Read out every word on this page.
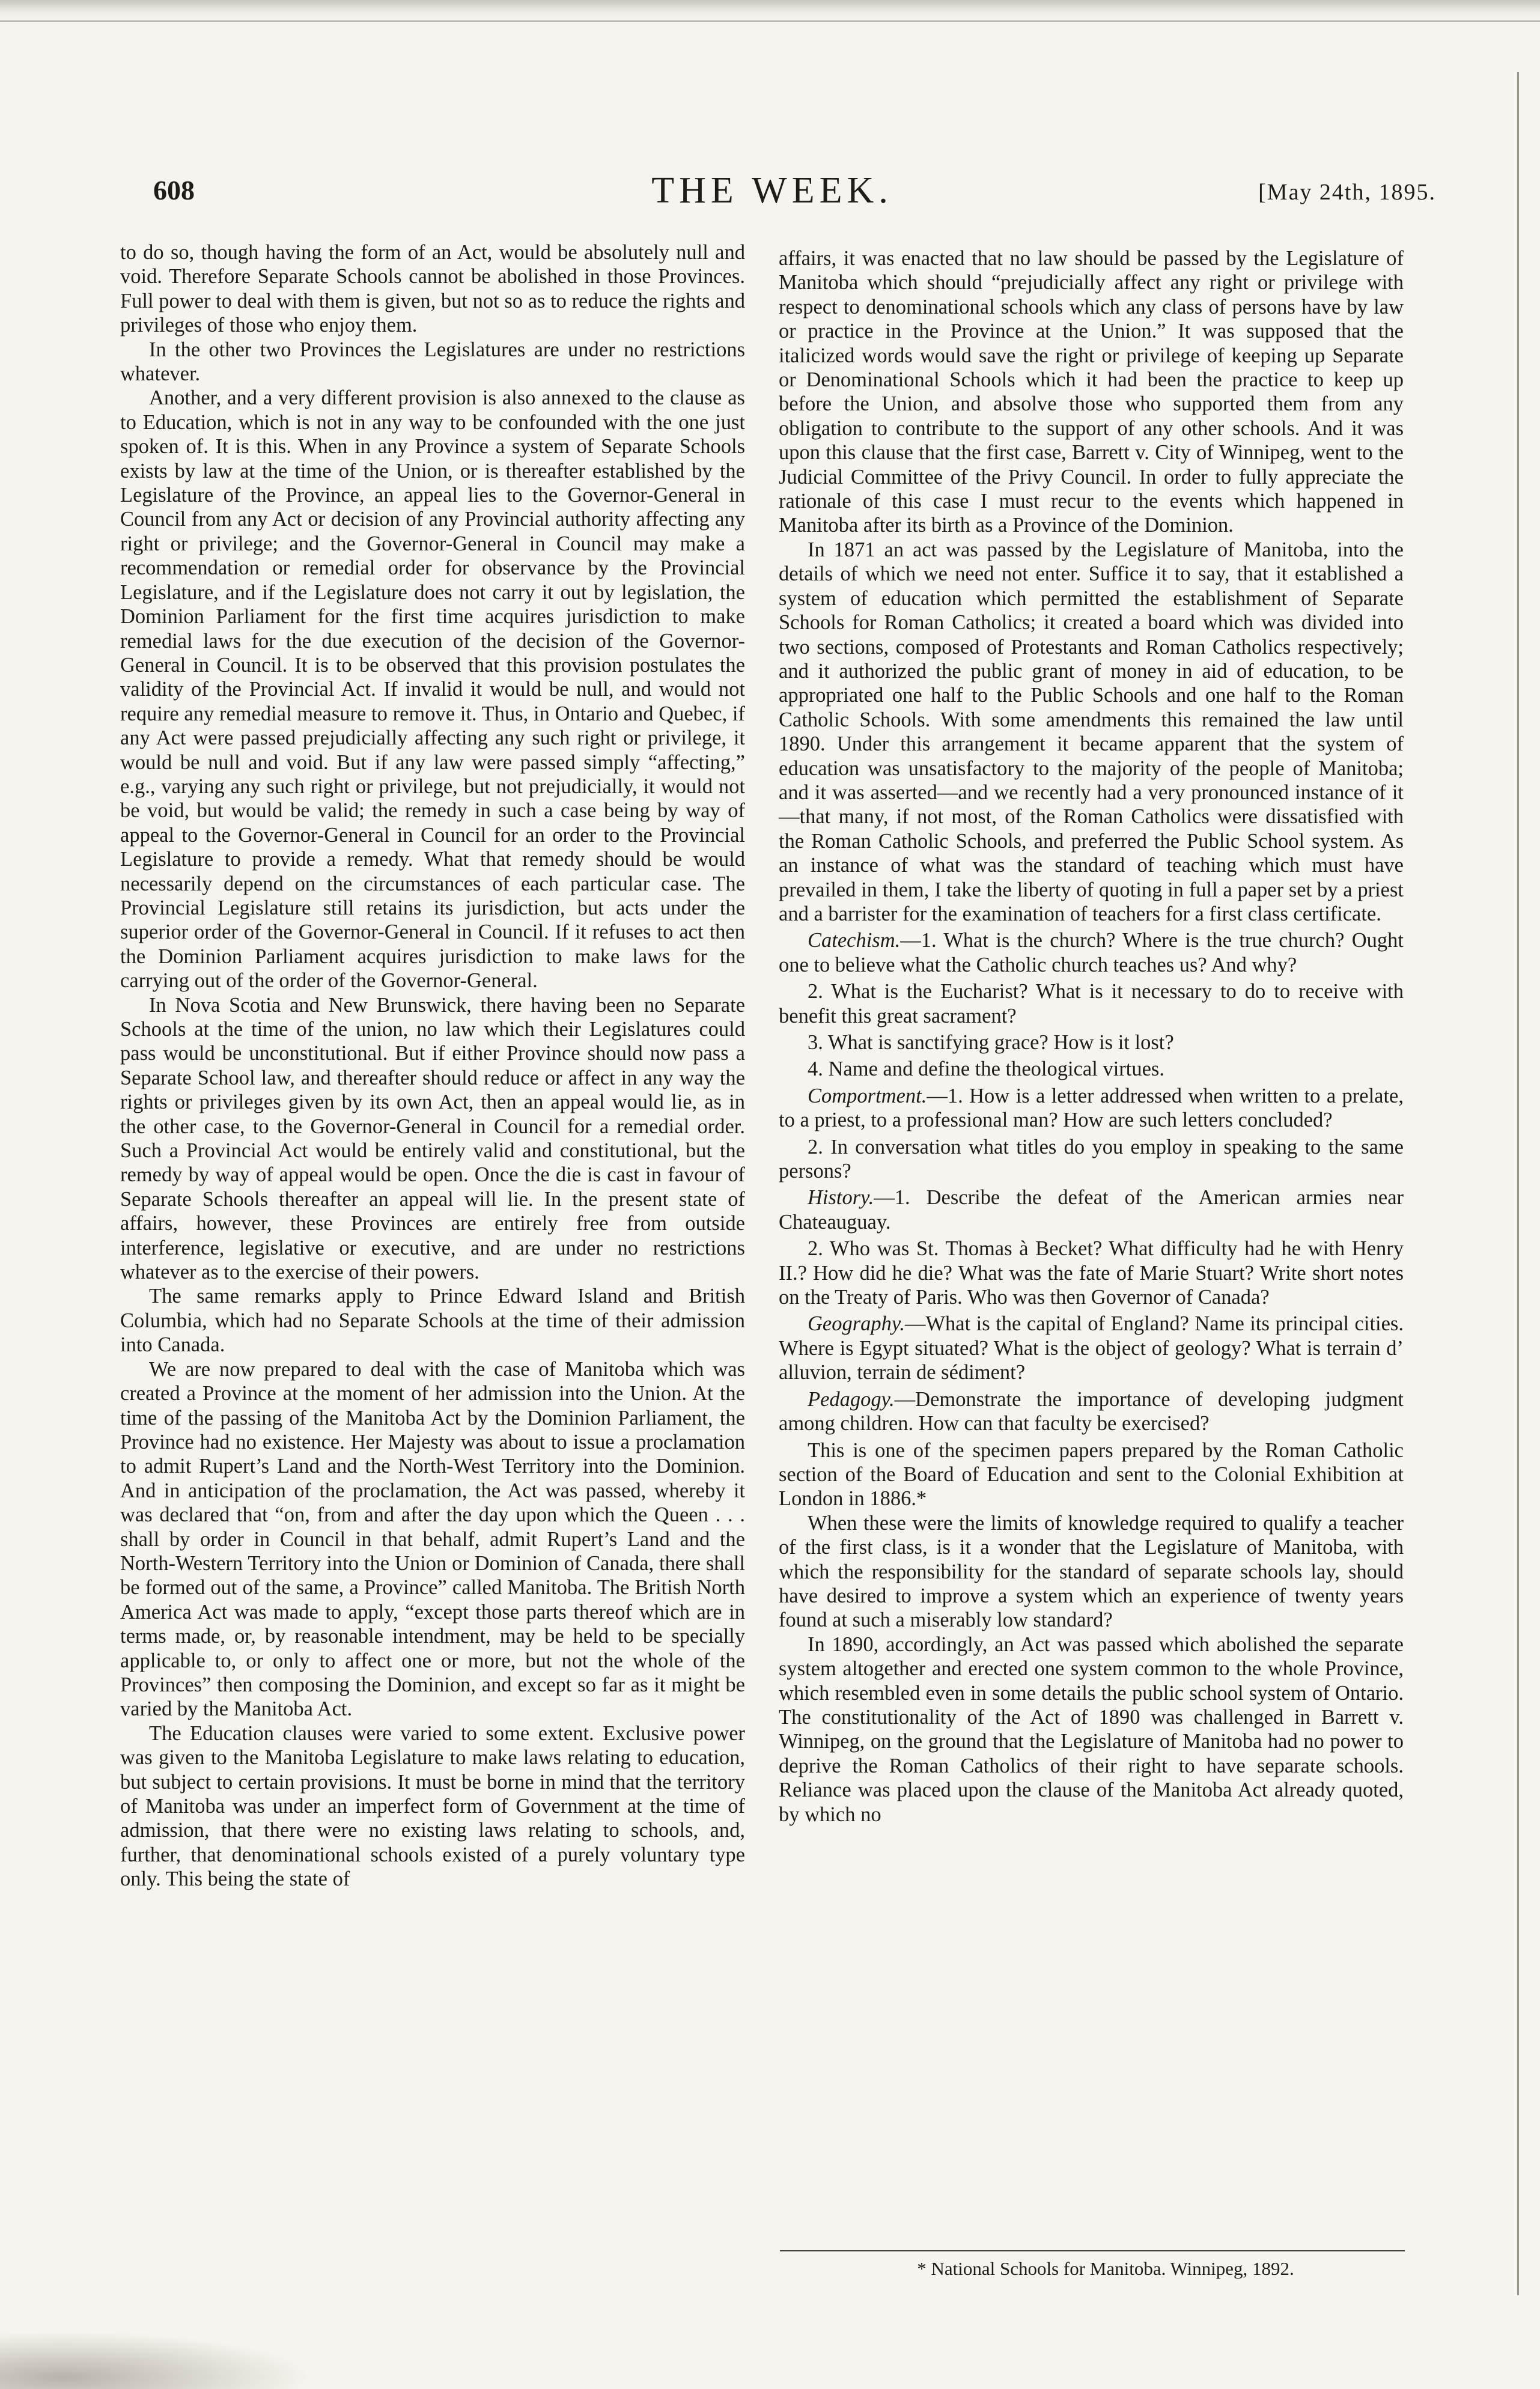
608	THE WEEK.	[May 24th, 1895.

to do so, though having the form of an Act, would be absolutely null and void. Therefore Separate Schools cannot be abolished in those Provinces. Full power to deal with them is given, but not so as to reduce the rights and privileges of those who enjoy them.

In the other two Provinces the Legislatures are under no restrictions whatever.

Another, and a very different provision is also annexed to the clause as to Education, which is not in any way to be confounded with the one just spoken of. It is this. When in any Province a system of Separate Schools exists by law at the time of the Union, or is thereafter established by the Legislature of the Province, an appeal lies to the Governor-General in Council from any Act or decision of any Provincial authority affecting any right or privilege; and the Governor-General in Council may make a recommendation or remedial order for observance by the Provincial Legislature, and if the Legislature does not carry it out by legislation, the Dominion Parliament for the first time acquires jurisdiction to make remedial laws for the due execution of the decision of the Governor-General in Council. It is to be observed that this provision postulates the validity of the Provincial Act. If invalid it would be null, and would not require any remedial measure to remove it. Thus, in Ontario and Quebec, if any Act were passed prejudicially affecting any such right or privilege, it would be null and void. But if any law were passed simply “affecting,” e.g., varying any such right or privilege, but not prejudicially, it would not be void, but would be valid; the remedy in such a case being by way of appeal to the Governor-General in Council for an order to the Provincial Legislature to provide a remedy. What that remedy should be would necessarily depend on the circumstances of each particular case. The Provincial Legislature still retains its jurisdiction, but acts under the superior order of the Governor-General in Council. If it refuses to act then the Dominion Parliament acquires jurisdiction to make laws for the carrying out of the order of the Governor-General.

In Nova Scotia and New Brunswick, there having been no Separate Schools at the time of the union, no law which their Legislatures could pass would be unconstitutional. But if either Province should now pass a Separate School law, and thereafter should reduce or affect in any way the rights or privileges given by its own Act, then an appeal would lie, as in the other case, to the Governor-General in Council for a remedial order. Such a Provincial Act would be entirely valid and constitutional, but the remedy by way of appeal would be open. Once the die is cast in favour of Separate Schools thereafter an appeal will lie. In the present state of affairs, however, these Provinces are entirely free from outside interference, legislative or executive, and are under no restrictions whatever as to the exercise of their powers.

The same remarks apply to Prince Edward Island and British Columbia, which had no Separate Schools at the time of their admission into Canada.

We are now prepared to deal with the case of Manitoba which was created a Province at the moment of her admission into the Union. At the time of the passing of the Manitoba Act by the Dominion Parliament, the Province had no existence. Her Majesty was about to issue a proclamation to admit Rupert’s Land and the North-West Territory into the Dominion. And in anticipation of the proclamation, the Act was passed, whereby it was declared that “on, from and after the day upon which the Queen . . . shall by order in Council in that behalf, admit Rupert’s Land and the North-Western Territory into the Union or Dominion of Canada, there shall be formed out of the same, a Province” called Manitoba. The British North America Act was made to apply, “except those parts thereof which are in terms made, or, by reasonable intendment, may be held to be specially applicable to, or only to affect one or more, but not the whole of the Provinces” then composing the Dominion, and except so far as it might be varied by the Manitoba Act.

The Education clauses were varied to some extent. Exclusive power was given to the Manitoba Legislature to make laws relating to education, but subject to certain provisions. It must be borne in mind that the territory of Manitoba was under an imperfect form of Government at the time of admission, that there were no existing laws relating to schools, and, further, that denominational schools existed of a purely voluntary type only. This being the state of

affairs, it was enacted that no law should be passed by the Legislature of Manitoba which should “prejudicially affect any right or privilege with respect to denominational schools which any class of persons have by law or practice in the Province at the Union.” It was supposed that the italicized words would save the right or privilege of keeping up Separate or Denominational Schools which it had been the practice to keep up before the Union, and absolve those who supported them from any obligation to contribute to the support of any other schools. And it was upon this clause that the first case, Barrett v. City of Winnipeg, went to the Judicial Committee of the Privy Council. In order to fully appreciate the rationale of this case I must recur to the events which happened in Manitoba after its birth as a Province of the Dominion.

In 1871 an act was passed by the Legislature of Manitoba, into the details of which we need not enter. Suffice it to say, that it established a system of education which permitted the establishment of Separate Schools for Roman Catholics; it created a board which was divided into two sections, composed of Protestants and Roman Catholics respectively; and it authorized the public grant of money in aid of education, to be appropriated one half to the Public Schools and one half to the Roman Catholic Schools. With some amendments this remained the law until 1890. Under this arrangement it became apparent that the system of education was unsatisfactory to the majority of the people of Manitoba; and it was asserted—and we recently had a very pronounced instance of it—that many, if not most, of the Roman Catholics were dissatisfied with the Roman Catholic Schools, and preferred the Public School system. As an instance of what was the standard of teaching which must have prevailed in them, I take the liberty of quoting in full a paper set by a priest and a barrister for the examination of teachers for a first class certificate.

Catechism.—1. What is the church? Where is the true church? Ought one to believe what the Catholic church teaches us? And why?

2. What is the Eucharist? What is it necessary to do to receive with benefit this great sacrament?

3. What is sanctifying grace? How is it lost?

4. Name and define the theological virtues.

Comportment.—1. How is a letter addressed when written to a prelate, to a priest, to a professional man? How are such letters concluded?

2. In conversation what titles do you employ in speaking to the same persons?

History.—1. Describe the defeat of the American armies near Chateauguay.

2. Who was St. Thomas à Becket? What difficulty had he with Henry II.? How did he die? What was the fate of Marie Stuart? Write short notes on the Treaty of Paris. Who was then Governor of Canada?

Geography.—What is the capital of England? Name its principal cities. Where is Egypt situated? What is the object of geology? What is terrain d’ alluvion, terrain de sédiment?

Pedagogy.—Demonstrate the importance of developing judgment among children. How can that faculty be exercised?

This is one of the specimen papers prepared by the Roman Catholic section of the Board of Education and sent to the Colonial Exhibition at London in 1886.*

When these were the limits of knowledge required to qualify a teacher of the first class, is it a wonder that the Legislature of Manitoba, with which the responsibility for the standard of separate schools lay, should have desired to improve a system which an experience of twenty years found at such a miserably low standard?

In 1890, accordingly, an Act was passed which abolished the separate system altogether and erected one system common to the whole Province, which resembled even in some details the public school system of Ontario. The constitutionality of the Act of 1890 was challenged in Barrett v. Winnipeg, on the ground that the Legislature of Manitoba had no power to deprive the Roman Catholics of their right to have separate schools. Reliance was placed upon the clause of the Manitoba Act already quoted, by which no

* National Schools for Manitoba. Winnipeg, 1892.
